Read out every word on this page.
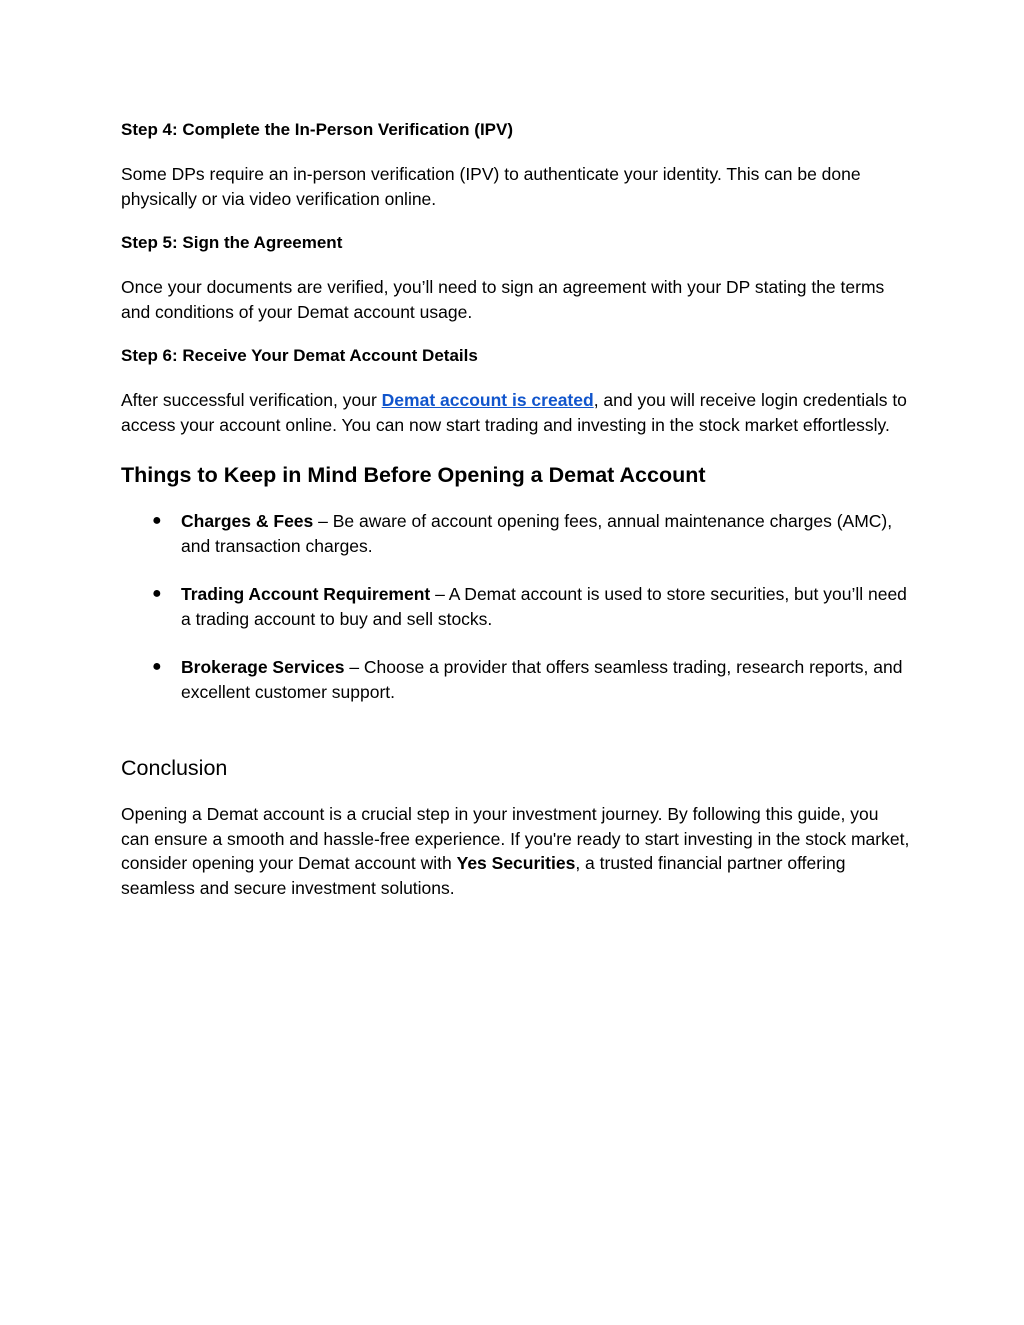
Step 4: Complete the In-Person Verification (IPV)

Some DPs require an in-person verification (IPV) to authenticate your identity. This can be done physically or via video verification online.

Step 5: Sign the Agreement

Once your documents are verified, you’ll need to sign an agreement with your DP stating the terms and conditions of your Demat account usage.

Step 6: Receive Your Demat Account Details

After successful verification, your Demat account is created, and you will receive login credentials to access your account online. You can now start trading and investing in the stock market effortlessly.

Things to Keep in Mind Before Opening a Demat Account
● Charges & Fees – Be aware of account opening fees, annual maintenance charges (AMC), and transaction charges.
● Trading Account Requirement – A Demat account is used to store securities, but you’ll need a trading account to buy and sell stocks.
● Brokerage Services – Choose a provider that offers seamless trading, research reports, and excellent customer support.
Conclusion

Opening a Demat account is a crucial step in your investment journey. By following this guide, you can ensure a smooth and hassle-free experience. If you're ready to start investing in the stock market, consider opening your Demat account with Yes Securities, a trusted financial partner offering seamless and secure investment solutions.
